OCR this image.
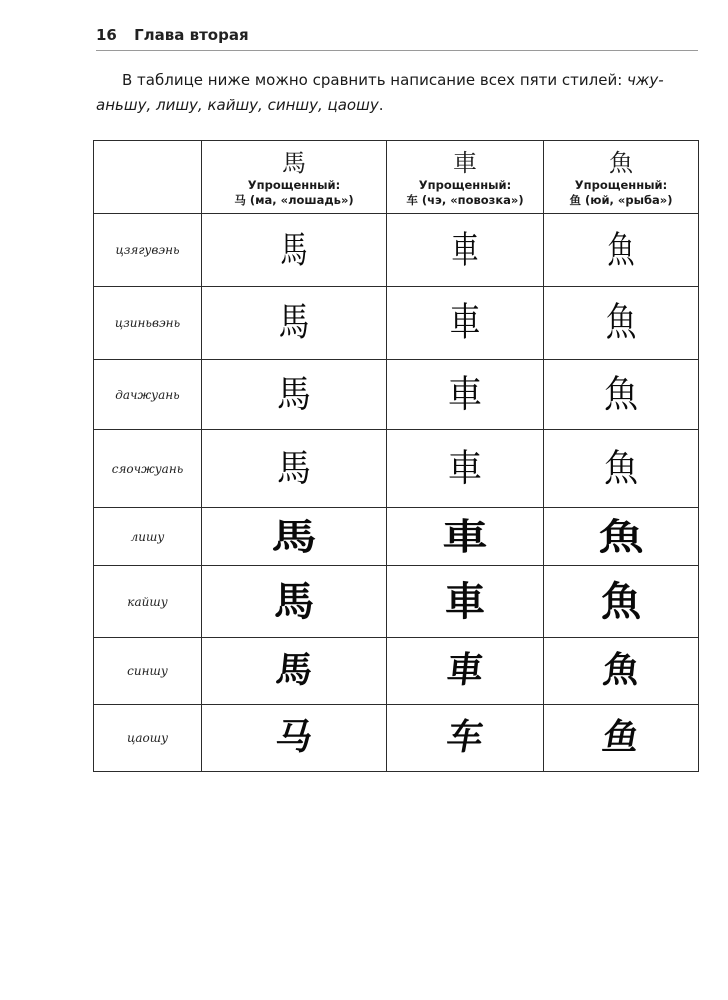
16 Глава вторая

В таблице ниже можно сравнить написание всех пяти стилей: чжу-аньшу, лишу, кайшу, синшу, цаошу.

	馬
Упрощенный:
马 (ма, «лошадь»)	車
Упрощенный:
车 (чэ, «повозка»)	魚
Упрощенный:
鱼 (юй, «рыба»)

цзягувэнь	馬	車	魚
цзиньвэнь	馬	車	魚
дачжуань	馬	車	魚
сяочжуань	馬	車	魚
лишу	馬	車	魚
кайшу	馬	車	魚
синшу	馬	車	魚
цаошу	马	车	鱼
